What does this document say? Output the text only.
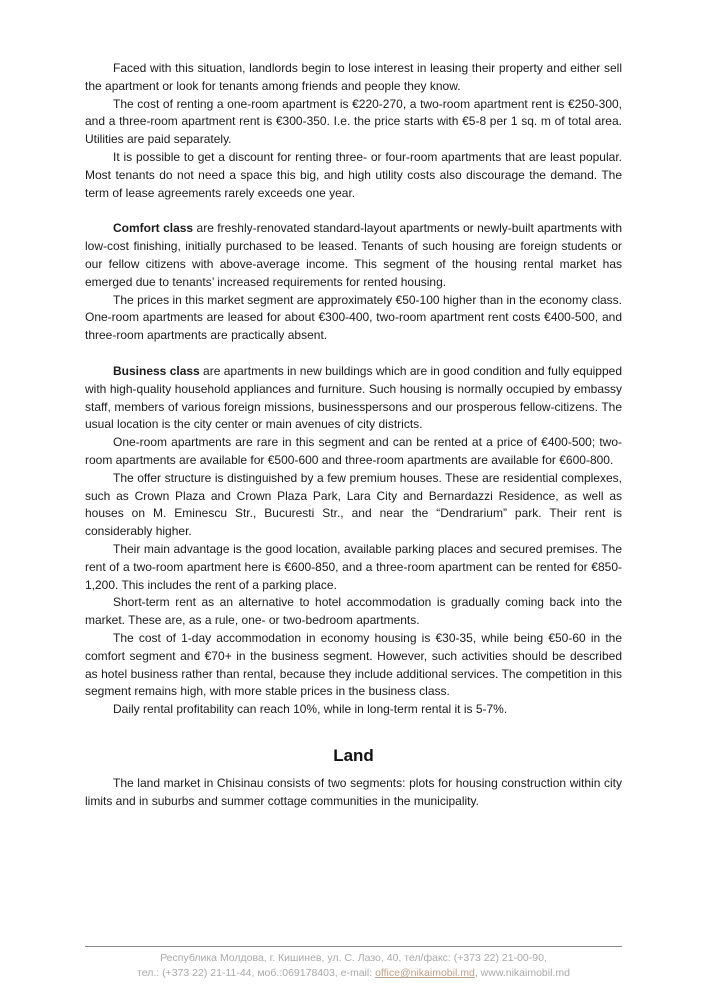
Faced with this situation, landlords begin to lose interest in leasing their property and either sell the apartment or look for tenants among friends and people they know.

The cost of renting a one-room apartment is €220-270, a two-room apartment rent is €250-300, and a three-room apartment rent is €300-350. I.e. the price starts with €5-8 per 1 sq. m of total area. Utilities are paid separately.

It is possible to get a discount for renting three- or four-room apartments that are least popular. Most tenants do not need a space this big, and high utility costs also discourage the demand. The term of lease agreements rarely exceeds one year.

Comfort class are freshly-renovated standard-layout apartments or newly-built apartments with low-cost finishing, initially purchased to be leased. Tenants of such housing are foreign students or our fellow citizens with above-average income. This segment of the housing rental market has emerged due to tenants’ increased requirements for rented housing.

The prices in this market segment are approximately €50-100 higher than in the economy class. One-room apartments are leased for about €300-400, two-room apartment rent costs €400-500, and three-room apartments are practically absent.

Business class are apartments in new buildings which are in good condition and fully equipped with high-quality household appliances and furniture. Such housing is normally occupied by embassy staff, members of various foreign missions, businesspersons and our prosperous fellow-citizens. The usual location is the city center or main avenues of city districts.

One-room apartments are rare in this segment and can be rented at a price of €400-500; two-room apartments are available for €500-600 and three-room apartments are available for €600-800.

The offer structure is distinguished by a few premium houses. These are residential complexes, such as Crown Plaza and Crown Plaza Park, Lara City and Bernardazzi Residence, as well as houses on M. Eminescu Str., Bucuresti Str., and near the “Dendrarium” park. Their rent is considerably higher.

Their main advantage is the good location, available parking places and secured premises. The rent of a two-room apartment here is €600-850, and a three-room apartment can be rented for €850-1,200. This includes the rent of a parking place.

Short-term rent as an alternative to hotel accommodation is gradually coming back into the market. These are, as a rule, one- or two-bedroom apartments.

The cost of 1-day accommodation in economy housing is €30-35, while being €50-60 in the comfort segment and €70+ in the business segment. However, such activities should be described as hotel business rather than rental, because they include additional services. The competition in this segment remains high, with more stable prices in the business class.

Daily rental profitability can reach 10%, while in long-term rental it is 5-7%.

Land

The land market in Chisinau consists of two segments: plots for housing construction within city limits and in suburbs and summer cottage communities in the municipality.

Республика Молдова, г. Кишинев, ул. С. Лазо, 40, тел/факс: (+373 22) 21-00-90,
тел.: (+373 22) 21-11-44, моб.:069178403, e-mail: office@nikaimobil.md, www.nikaimobil.md
